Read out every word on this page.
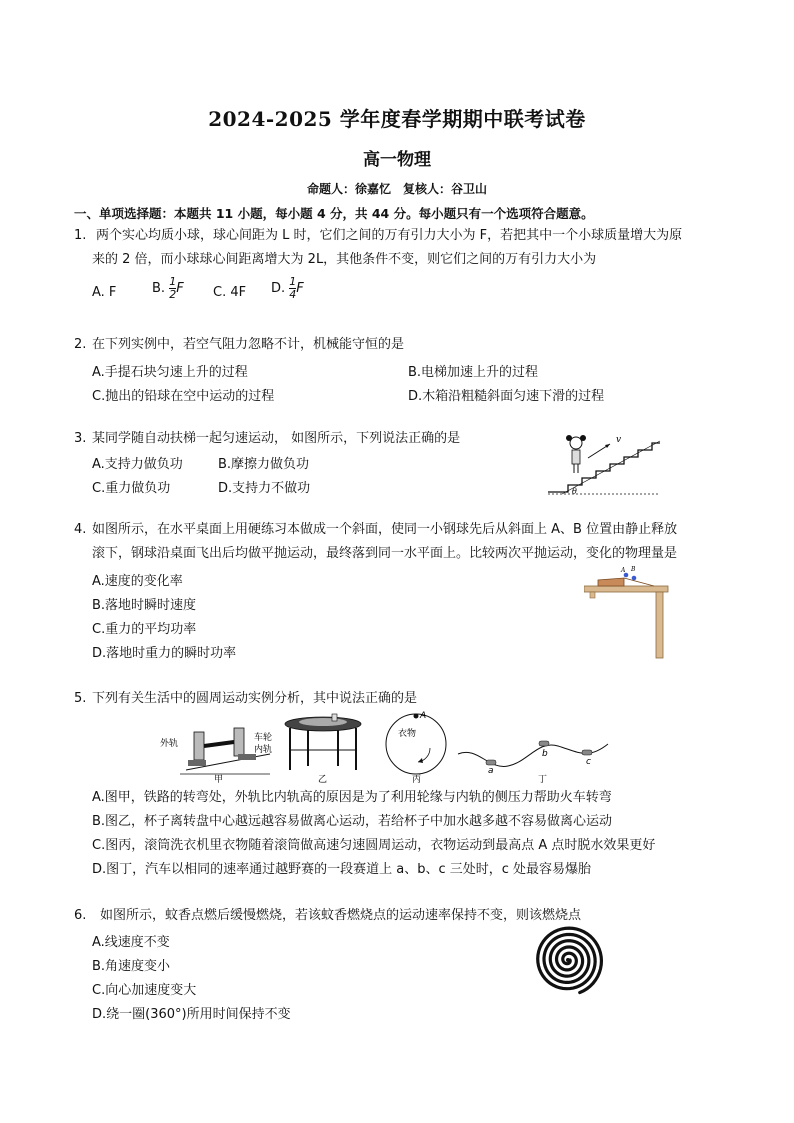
2024-2025 学年度春学期期中联考试卷
高一物理
命题人：徐嘉忆　复核人：谷卫山
一、单项选择题：本题共 11 小题，每小题 4 分，共 44 分。每小题只有一个选项符合题意。
1. 两个实心均质小球，球心间距为 L 时，它们之间的万有引力大小为 F，若把其中一个小球质量增大为原
来的 2 倍，而小球球心间距离增大为 2L，其他条件不变，则它们之间的万有引力大小为
A. F	B. $\frac{1}{2}$ F C. 4F D. $\frac{1}{4}$ F
2. 在下列实例中，若空气阻力忽略不计，机械能守恒的是
A.手提石块匀速上升的过程	B.电梯加速上升的过程
C.抛出的铅球在空中运动的过程	D.木箱沿粗糙斜面匀速下滑的过程
3. 某同学随自动扶梯一起匀速运动， 如图所示，下列说法正确的是
A.支持力做负功	B.摩擦力做负功
C.重力做负功	D.支持力不做功
v
θ
4. 如图所示，在水平桌面上用硬练习本做成一个斜面，使同一小钢球先后从斜面上 A、B 位置由静止释放
滚下，钢球沿桌面飞出后均做平抛运动，最终落到同一水平面上。比较两次平抛运动，变化的物理量是
A.速度的变化率
B.落地时瞬时速度
C.重力的平均功率
D.落地时重力的瞬时功率
A B
5. 下列有关生活中的圆周运动实例分析，其中说法正确的是
外轨
车轮
内轨
甲	乙
A
衣物
丙
a
b
c
丁
A.图甲，铁路的转弯处，外轨比内轨高的原因是为了利用轮缘与内轨的侧压力帮助火车转弯
B.图乙，杯子离转盘中心越远越容易做离心运动，若给杯子中加水越多越不容易做离心运动
C.图丙，滚筒洗衣机里衣物随着滚筒做高速匀速圆周运动，衣物运动到最高点 A 点时脱水效果更好
D.图丁，汽车以相同的速率通过越野赛的一段赛道上 a、b、c 三处时，c 处最容易爆胎
6. 如图所示，蚊香点燃后缓慢燃烧，若该蚊香燃烧点的运动速率保持不变，则该燃烧点
A.线速度不变
B.角速度变小
C.向心加速度变大
D.绕一圈(360°)所用时间保持不变
